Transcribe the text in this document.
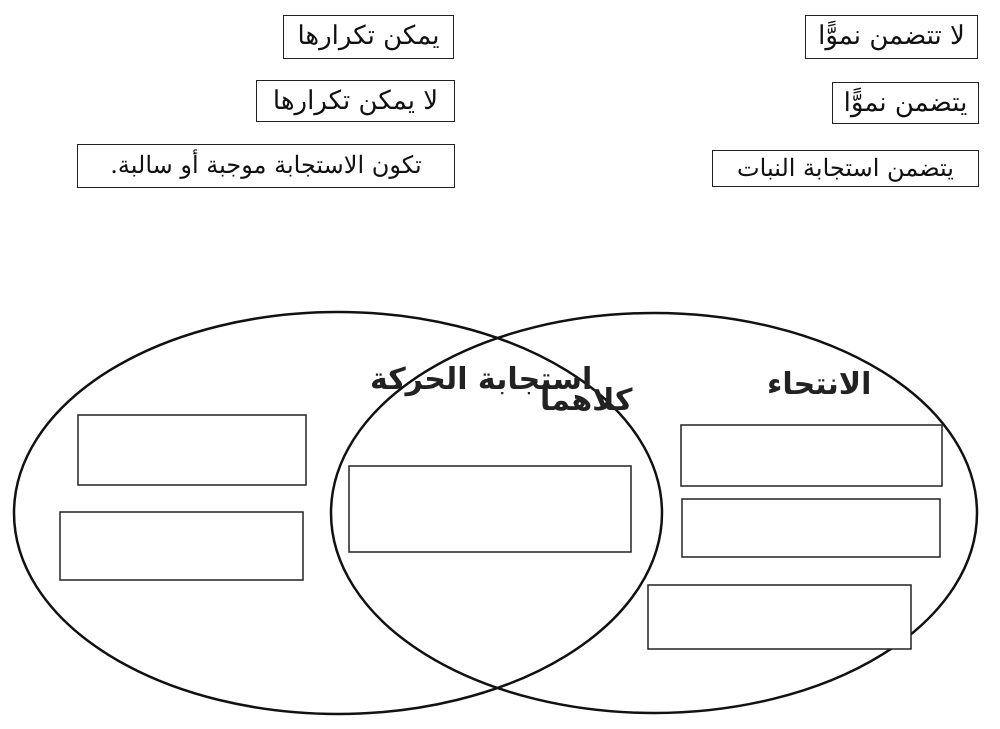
يمكن تكرارها
لا يمكن تكرارها
تكون الاستجابة موجبة أو سالبة.
لا تتضمن نموًّا
يتضمن نموًّا
يتضمن استجابة النبات
استجابة الحركة
كلاهما	الانتحاء
